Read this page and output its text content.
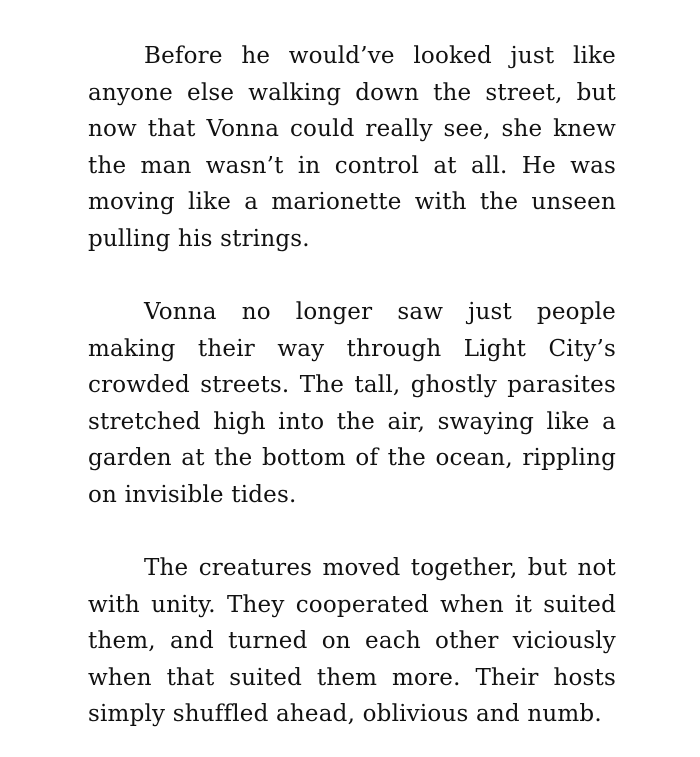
Before he would’ve looked just like
anyone else walking down the street, but
now that Vonna could really see, she knew
the man wasn’t in control at all. He was
moving like a marionette with the unseen
pulling his strings.
Vonna no longer saw just people
making their way through Light City’s
crowded streets. The tall, ghostly parasites
stretched high into the air, swaying like a
garden at the bottom of the ocean, rippling
on invisible tides.
The creatures moved together, but not
with unity. They cooperated when it suited
them, and turned on each other viciously
when that suited them more. Their hosts
simply shuffled ahead, oblivious and numb.
